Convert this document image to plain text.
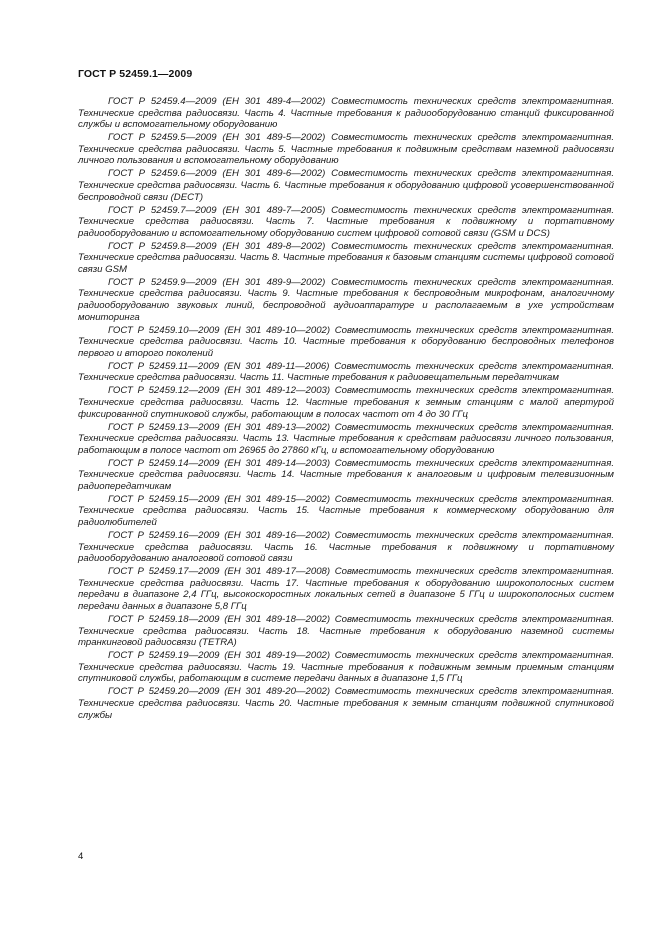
ГОСТ Р 52459.1—2009

ГОСТ Р 52459.4—2009 (ЕН 301 489-4—2002) Совместимость технических средств электромагнитная. Технические средства радиосвязи. Часть 4. Частные требования к радиооборудованию станций фиксированной службы и вспомогательному оборудованию

ГОСТ Р 52459.5—2009 (ЕН 301 489-5—2002) Совместимость технических средств электромагнитная. Технические средства радиосвязи. Часть 5. Частные требования к подвижным средствам наземной радиосвязи личного пользования и вспомогательному оборудованию

ГОСТ Р 52459.6—2009 (ЕН 301 489-6—2002) Совместимость технических средств электромагнитная. Технические средства радиосвязи. Часть 6. Частные требования к оборудованию цифровой усовершенствованной беспроводной связи (DECT)

ГОСТ Р 52459.7—2009 (ЕН 301 489-7—2005) Совместимость технических средств электромагнитная. Технические средства радиосвязи. Часть 7. Частные требования к подвижному и портативному радиооборудованию и вспомогательному оборудованию систем цифровой сотовой связи (GSM и DCS)

ГОСТ Р 52459.8—2009 (ЕН 301 489-8—2002) Совместимость технических средств электромагнитная. Технические средства радиосвязи. Часть 8. Частные требования к базовым станциям системы цифровой сотовой связи GSM

ГОСТ Р 52459.9—2009 (ЕН 301 489-9—2002) Совместимость технических средств электромагнитная. Технические средства радиосвязи. Часть 9. Частные требования к беспроводным микрофонам, аналогичному радиооборудованию звуковых линий, беспроводной аудиоаппаратуре и располагаемым в ухе устройствам мониторинга

ГОСТ Р 52459.10—2009 (ЕН 301 489-10—2002) Совместимость технических средств электромагнитная. Технические средства радиосвязи. Часть 10. Частные требования к оборудованию беспроводных телефонов первого и второго поколений

ГОСТ Р 52459.11—2009 (EN 301 489-11—2006) Совместимость технических средств электромагнитная. Технические средства радиосвязи. Часть 11. Частные требования к радиовещательным передатчикам

ГОСТ Р 52459.12—2009 (ЕН 301 489-12—2003) Совместимость технических средств электромагнитная. Технические средства радиосвязи. Часть 12. Частные требования к земным станциям с малой апертурой фиксированной спутниковой службы, работающим в полосах частот от 4 до 30 ГГц

ГОСТ Р 52459.13—2009 (ЕН 301 489-13—2002) Совместимость технических средств электромагнитная. Технические средства радиосвязи. Часть 13. Частные требования к средствам радиосвязи личного пользования, работающим в полосе частот от 26965 до 27860 кГц, и вспомогательному оборудованию

ГОСТ Р 52459.14—2009 (ЕН 301 489-14—2003) Совместимость технических средств электромагнитная. Технические средства радиосвязи. Часть 14. Частные требования к аналоговым и цифровым телевизионным радиопередатчикам

ГОСТ Р 52459.15—2009 (ЕН 301 489-15—2002) Совместимость технических средств электромагнитная. Технические средства радиосвязи. Часть 15. Частные требования к коммерческому оборудованию для радиолюбителей

ГОСТ Р 52459.16—2009 (ЕН 301 489-16—2002) Совместимость технических средств электромагнитная. Технические средства радиосвязи. Часть 16. Частные требования к подвижному и портативному радиооборудованию аналоговой сотовой связи

ГОСТ Р 52459.17—2009 (ЕН 301 489-17—2008) Совместимость технических средств электромагнитная. Технические средства радиосвязи. Часть 17. Частные требования к оборудованию широкополосных систем передачи в диапазоне 2,4 ГГц, высокоскоростных локальных сетей в диапазоне 5 ГГц и широкополосных систем передачи данных в диапазоне 5,8 ГГц

ГОСТ Р 52459.18—2009 (ЕН 301 489-18—2002) Совместимость технических средств электромагнитная. Технические средства радиосвязи. Часть 18. Частные требования к оборудованию наземной системы транкинговой радиосвязи (TETRA)

ГОСТ Р 52459.19—2009 (ЕН 301 489-19—2002) Совместимость технических средств электромагнитная. Технические средства радиосвязи. Часть 19. Частные требования к подвижным земным приемным станциям спутниковой службы, работающим в системе передачи данных в диапазоне 1,5 ГГц

ГОСТ Р 52459.20—2009 (ЕН 301 489-20—2002) Совместимость технических средств электромагнитная. Технические средства радиосвязи. Часть 20. Частные требования к земным станциям подвижной спутниковой службы

4
